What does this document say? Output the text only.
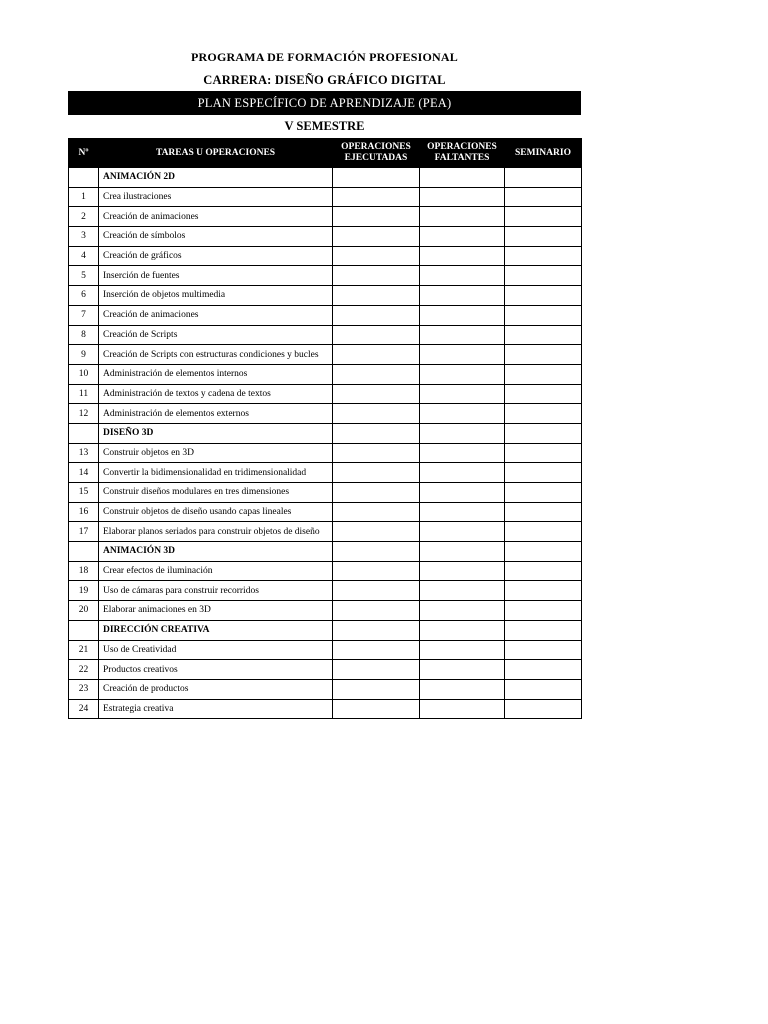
PROGRAMA DE FORMACIÓN PROFESIONAL
CARRERA: DISEÑO GRÁFICO DIGITAL
PLAN ESPECÍFICO DE APRENDIZAJE (PEA)
V SEMESTRE
Nº	TAREAS U OPERACIONES	OPERACIONES EJECUTADAS	OPERACIONES FALTANTES	SEMINARIO
	ANIMACIÓN 2D			
1	Crea ilustraciones			
2	Creación de animaciones			
3	Creación de símbolos			
4	Creación de gráficos			
5	Inserción de fuentes			
6	Inserción de objetos multimedia			
7	Creación de animaciones			
8	Creación de Scripts			
9	Creación de Scripts con estructuras condiciones y bucles			
10	Administración de elementos internos			
11	Administración de textos y cadena de textos			
12	Administración de elementos externos			
	DISEÑO 3D			
13	Construir objetos en 3D			
14	Convertir la bidimensionalidad en tridimensionalidad			
15	Construir diseños modulares en tres dimensiones			
16	Construir objetos de diseño usando capas lineales			
17	Elaborar planos seriados para construir objetos de diseño			
	ANIMACIÓN 3D			
18	Crear efectos de iluminación			
19	Uso de cámaras para construir recorridos			
20	Elaborar animaciones en 3D			
	DIRECCIÓN CREATIVA			
21	Uso de Creatividad			
22	Productos creativos			
23	Creación de productos			
24	Estrategia creativa			
